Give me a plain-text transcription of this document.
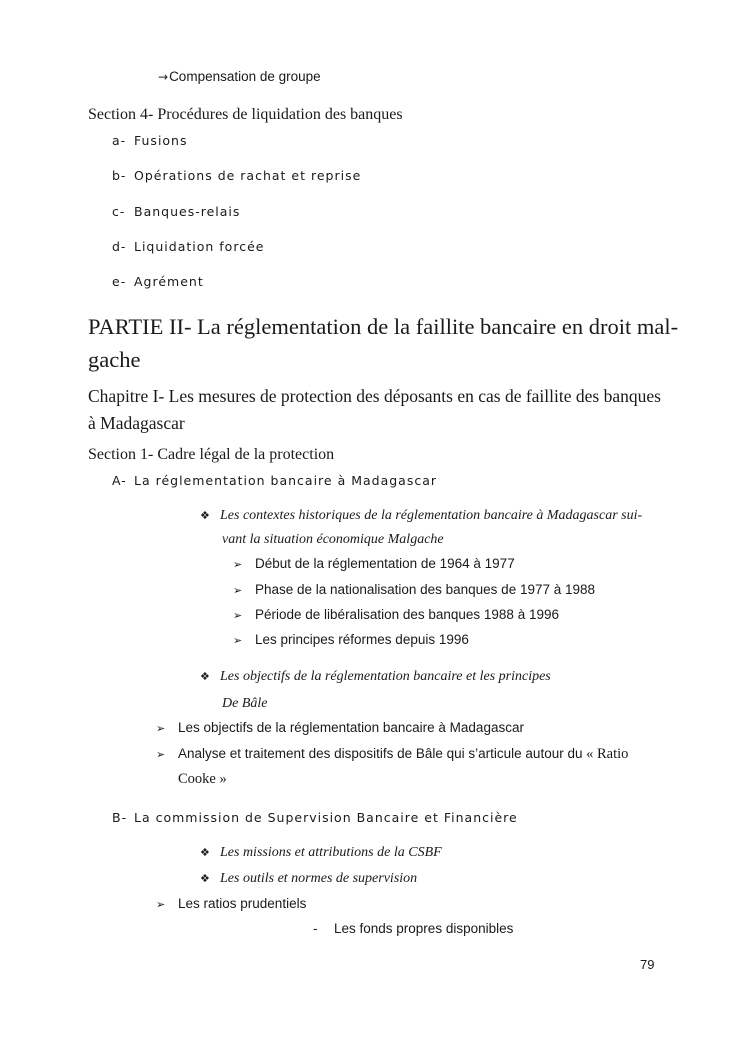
→Compensation de groupe
Section 4- Procédures de liquidation des banques
a- Fusions
b- Opérations de rachat et reprise
c- Banques-relais
d- Liquidation forcée
e- Agrément
PARTIE II- La réglementation de la faillite bancaire en droit mal-
gache
Chapitre I- Les mesures de protection des déposants en cas de faillite des banques
à Madagascar
Section 1- Cadre légal de la protection
A- La réglementation bancaire à Madagascar
❖ Les contextes historiques de la réglementation bancaire à Madagascar sui-
vant la situation économique Malgache
➢ Début de la réglementation de 1964 à 1977
➢ Phase de la nationalisation des banques de 1977 à 1988
➢ Période de libéralisation des banques 1988 à 1996
➢ Les principes réformes depuis 1996
❖ Les objectifs de la réglementation bancaire et les principes
De Bâle
➢ Les objectifs de la réglementation bancaire à Madagascar
➢ Analyse et traitement des dispositifs de Bâle qui s’articule autour du « Ratio
Cooke »
B- La commission de Supervision Bancaire et Financière
❖ Les missions et attributions de la CSBF
❖ Les outils et normes de supervision
➢ Les ratios prudentiels
- Les fonds propres disponibles
79
